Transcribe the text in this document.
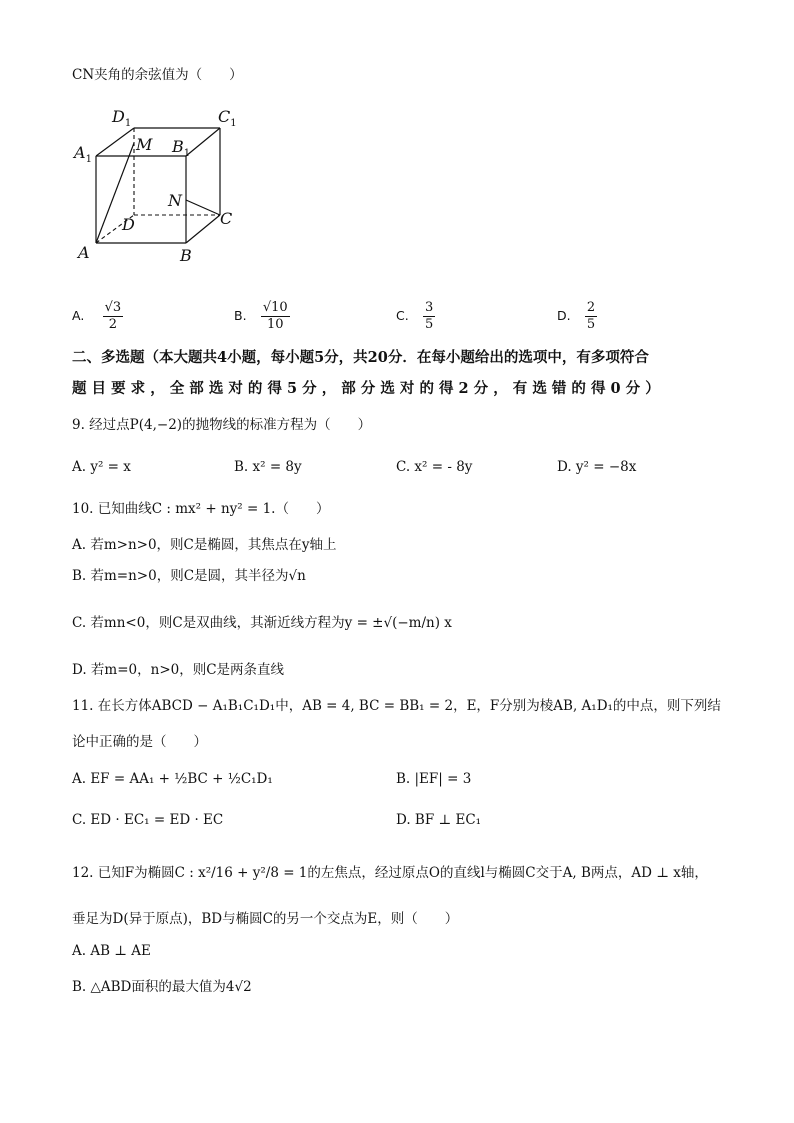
CN夹角的余弦值为（　　）
$D_1$	$C_1$
$A_1$
$B_1$
M
N
C
D
A	B
A. $\frac{√3}{2}$	B. $\frac{√10}{10}$	C. $\frac{3}{5}$	D. $\frac{2}{5}$
二、多选题（本大题共4小题，每小题5分，共20分．在每小题给出的选项中，有多项符合
题 目 要 求 ， 全 部 选 对 的 得 5 分 ， 部 分 选 对 的 得 2 分 ， 有 选 错 的 得 0 分 ）
9. 经过点P(4,−2)的抛物线的标准方程为（　　）
A. y² = x	B. x² = 8y	C. x² = - 8y	D. y² = −8x
10. 已知曲线C : mx² + ny² = 1.（　　）
A. 若m>n>0，则C是椭圆，其焦点在y轴上
B. 若m=n>0，则C是圆，其半径为√n
C. 若mn<0，则C是双曲线，其渐近线方程为y = ±√(−m/n) x
D. 若m=0，n>0，则C是两条直线
11. 在长方体ABCD − A₁B₁C₁D₁中，AB = 4, BC = BB₁ = 2，E，F分别为棱AB, A₁D₁的中点，则下列结
论中正确的是（　　）
A. EF = AA₁ + ½BC + ½C₁D₁	B. |EF| = 3
C. ED · EC₁ = ED · EC	D. BF ⊥ EC₁
12. 已知F为椭圆C : x²/16 + y²/8 = 1的左焦点，经过原点O的直线l与椭圆C交于A, B两点，AD ⊥ x轴，
垂足为D(异于原点)，BD与椭圆C的另一个交点为E，则（　　）
A. AB ⊥ AE
B. △ABD面积的最大值为4√2
